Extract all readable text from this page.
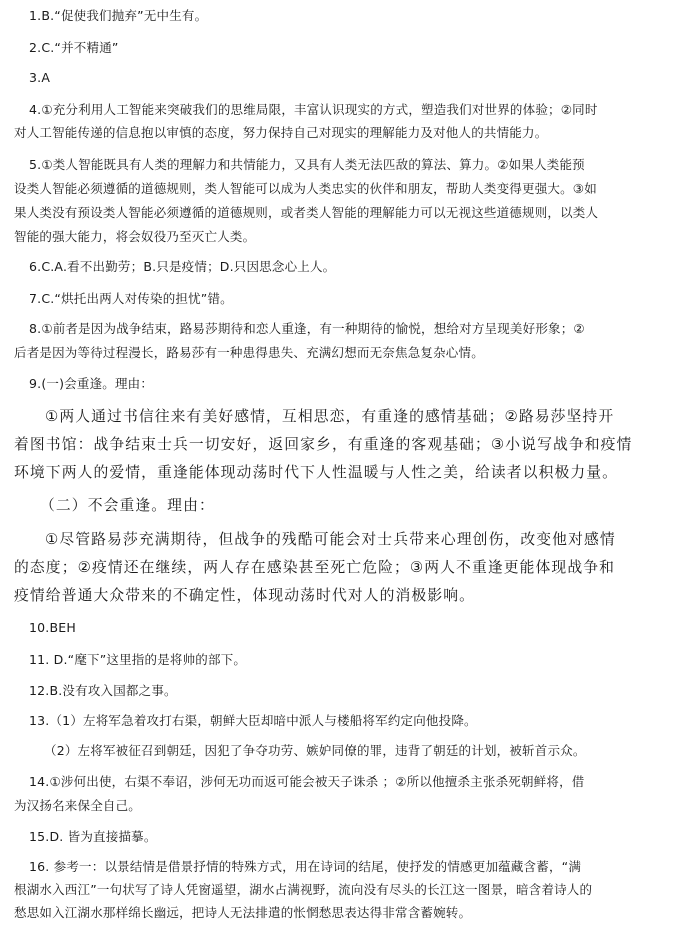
1.B.“促使我们抛弃”无中生有。

2.C.“并不精通”

3.A

4.①充分利用人工智能来突破我们的思维局限，丰富认识现实的方式，塑造我们对世界的体验；②同时

对人工智能传递的信息抱以审慎的态度，努力保持自己对现实的理解能力及对他人的共情能力。

5.①类人智能既具有人类的理解力和共情能力，又具有人类无法匹敌的算法、算力。②如果人类能预

设类人智能必须遵循的道德规则，类人智能可以成为人类忠实的伙伴和朋友，帮助人类变得更强大。③如

果人类没有预设类人智能必须遵循的道德规则，或者类人智能的理解能力可以无视这些道德规则，以类人

智能的强大能力，将会奴役乃至灭亡人类。

6.C.A.看不出勤劳；B.只是疫情；D.只因思念心上人。

7.C.“烘托出两人对传染的担忧”错。

8.①前者是因为战争结束，路易莎期待和恋人重逢，有一种期待的愉悦，想给对方呈现美好形象；②

后者是因为等待过程漫长，路易莎有一种患得患失、充满幻想而无奈焦急复杂心情。

9.(一)会重逢。理由：

①两人通过书信往来有美好感情，互相思恋，有重逢的感情基础；②路易莎坚持开

着图书馆：战争结束士兵一切安好，返回家乡，有重逢的客观基础；③小说写战争和疫情

环境下两人的爱情，重逢能体现动荡时代下人性温暖与人性之美，给读者以积极力量。

（二）不会重逢。理由：

①尽管路易莎充满期待，但战争的残酷可能会对士兵带来心理创伤，改变他对感情

的态度；②疫情还在继续，两人存在感染甚至死亡危险；③两人不重逢更能体现战争和

疫情给普通大众带来的不确定性，体现动荡时代对人的消极影响。

10.BEH

11. D.“麾下”这里指的是将帅的部下。

12.B.没有攻入国都之事。

13.（1）左将军急着攻打右渠，朝鲜大臣却暗中派人与楼船将军约定向他投降。

（2）左将军被征召到朝廷，因犯了争夺功劳、嫉妒同僚的罪，违背了朝廷的计划，被斩首示众。

14.①涉何出使，右渠不奉诏，涉何无功而返可能会被天子诛杀 ；②所以他擅杀主张杀死朝鲜将，借

为汉扬名来保全自己。

15.D. 皆为直接描摹。

16. 参考一：以景结情是借景抒情的特殊方式，用在诗词的结尾，使抒发的情感更加蕴藏含蓄，“满

根湖水入西江”一句状写了诗人凭窗遥望，湖水占满视野，流向没有尽头的长江这一图景，暗含着诗人的

愁思如入江湖水那样绵长幽远，把诗人无法排遣的怅惘愁思表达得非常含蓄婉转。
